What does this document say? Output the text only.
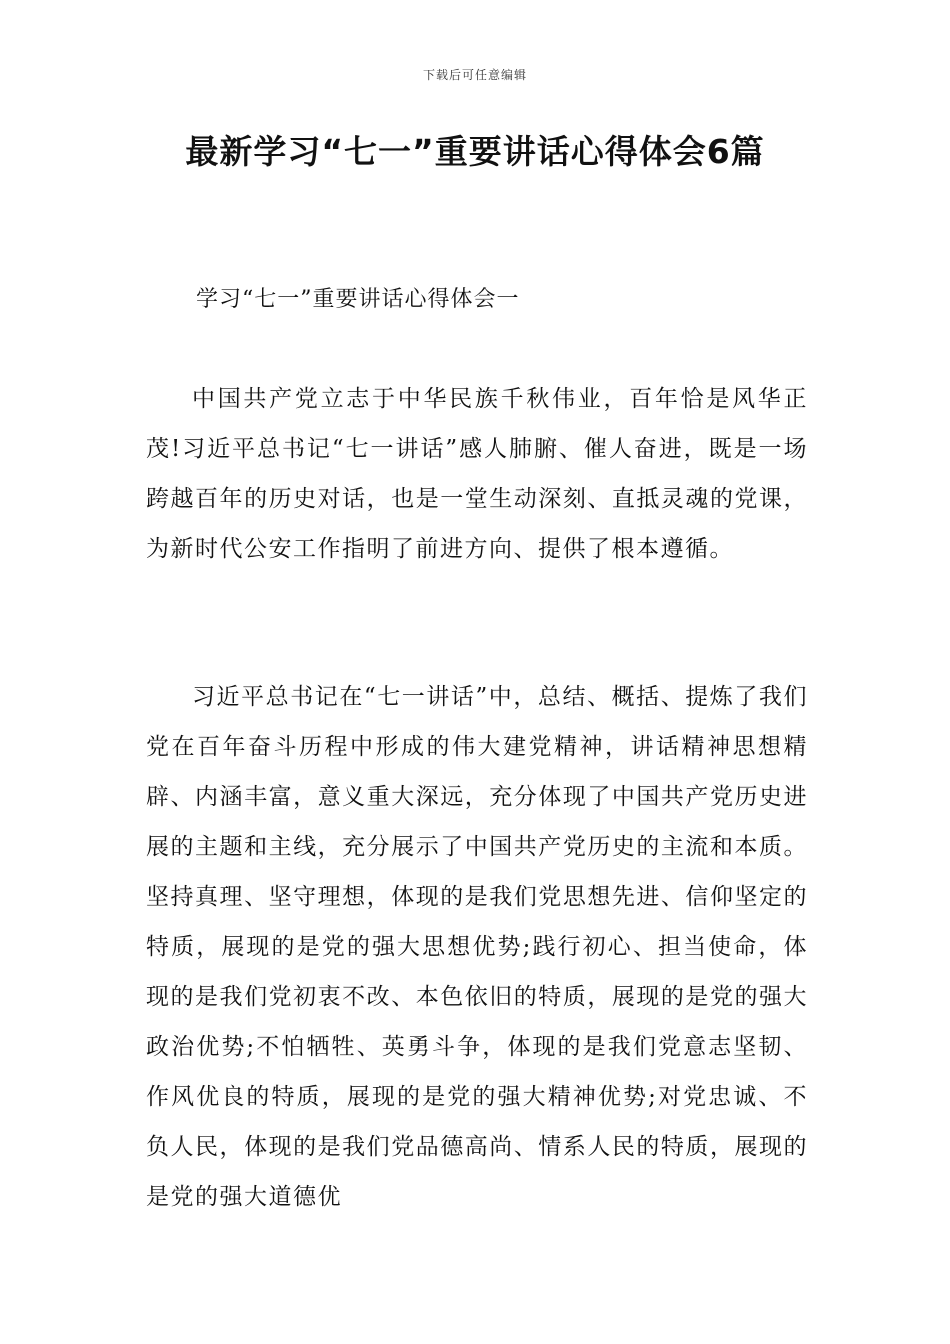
下载后可任意编辑
最新学习“七一”重要讲话心得体会6篇
学习“七一”重要讲话心得体会一

中国共产党立志于中华民族千秋伟业，百年恰是风华正茂!习近平总书记“七一讲话”感人肺腑、催人奋进，既是一场跨越百年的历史对话，也是一堂生动深刻、直抵灵魂的党课，为新时代公安工作指明了前进方向、提供了根本遵循。

习近平总书记在“七一讲话”中，总结、概括、提炼了我们党在百年奋斗历程中形成的伟大建党精神，讲话精神思想精辟、内涵丰富，意义重大深远，充分体现了中国共产党历史进展的主题和主线，充分展示了中国共产党历史的主流和本质。坚持真理、坚守理想，体现的是我们党思想先进、信仰坚定的特质，展现的是党的强大思想优势;践行初心、担当使命，体现的是我们党初衷不改、本色依旧的特质，展现的是党的强大政治优势;不怕牺牲、英勇斗争，体现的是我们党意志坚韧、作风优良的特质，展现的是党的强大精神优势;对党忠诚、不负人民，体现的是我们党品德高尚、情系人民的特质，展现的是党的强大道德优
